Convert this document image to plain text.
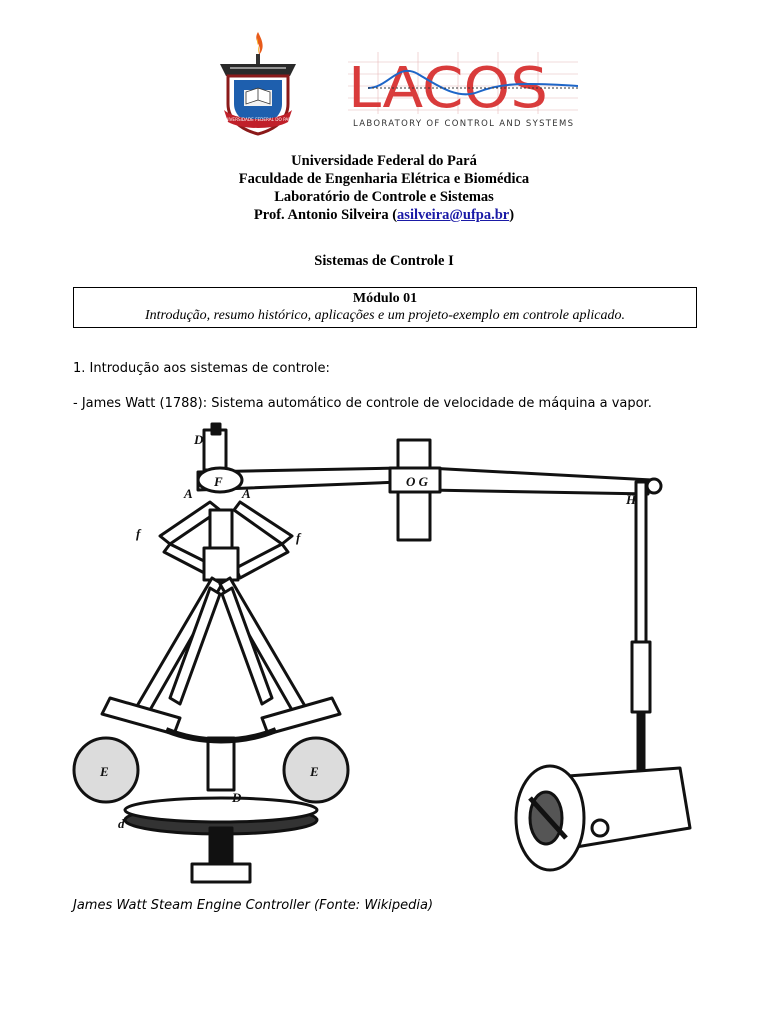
UNIVERSIDADE FEDERAL DO PARÁ LACOS
LABORATORY OF CONTROL AND SYSTEMS
Universidade Federal do Pará
Faculdade de Engenharia Elétrica e Biomédica
Laboratório de Controle e Sistemas
Prof. Antonio Silveira (asilveira@ufpa.br)
Sistemas de Controle I
Módulo 01
Introdução, resumo histórico, aplicações e um projeto-exemplo em controle aplicado.
1. Introdução aos sistemas de controle:
- James Watt (1788): Sistema automático de controle de velocidade de máquina a vapor.
D
F
A	A
f	f
O G
H
E	E
D
d
James Watt Steam Engine Controller (Fonte: Wikipedia)
